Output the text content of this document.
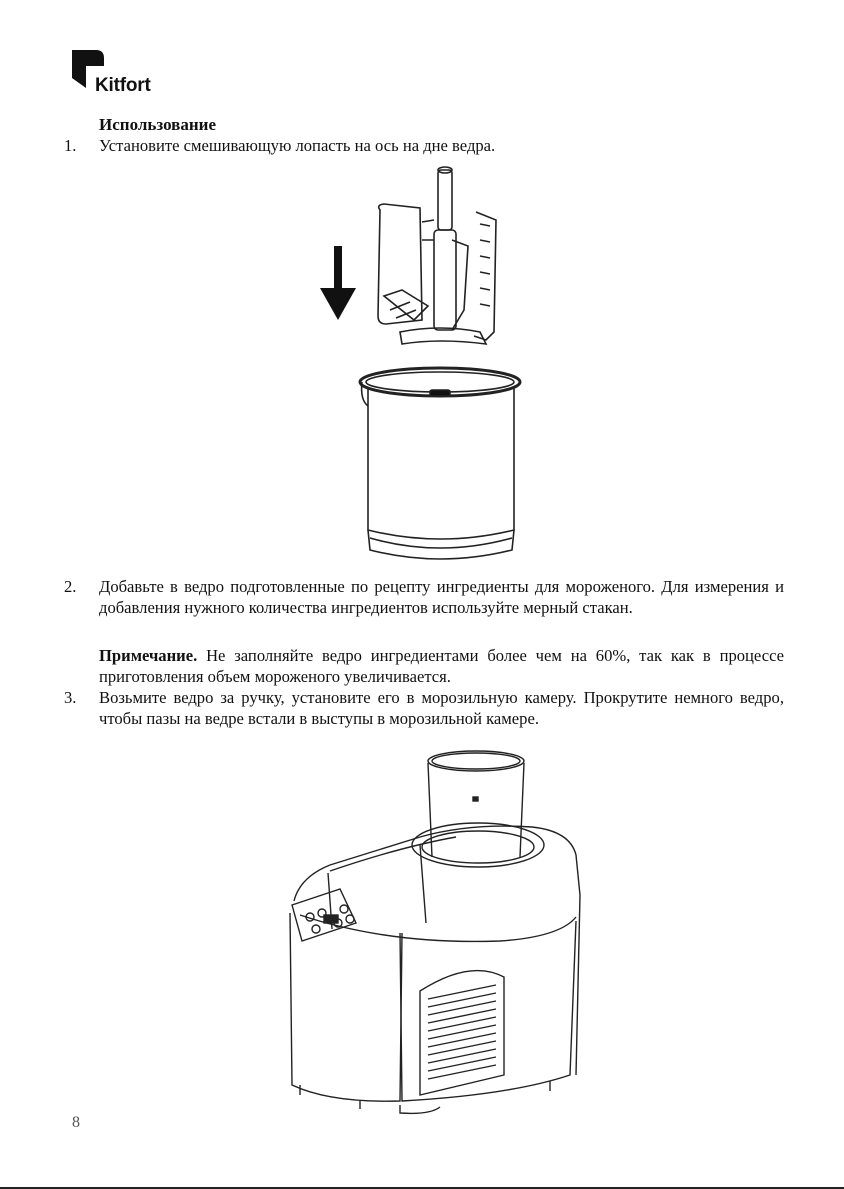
Kitfort
Использование
1.	Установите смешивающую лопасть на ось на дне ведра.
2.	Добавьте в ведро подготовленные по рецепту ингредиенты для мороженого. Для измерения и добавления нужного количества ингредиентов используйте мерный стакан.
Примечание. Не заполняйте ведро ингредиентами более чем на 60%, так как в процессе приготовления объем мороженого увеличивается.
3.	Возьмите ведро за ручку, установите его в морозильную камеру. Прокрутите немного ведро, чтобы пазы на ведре встали в выступы в морозильной камере.
8
